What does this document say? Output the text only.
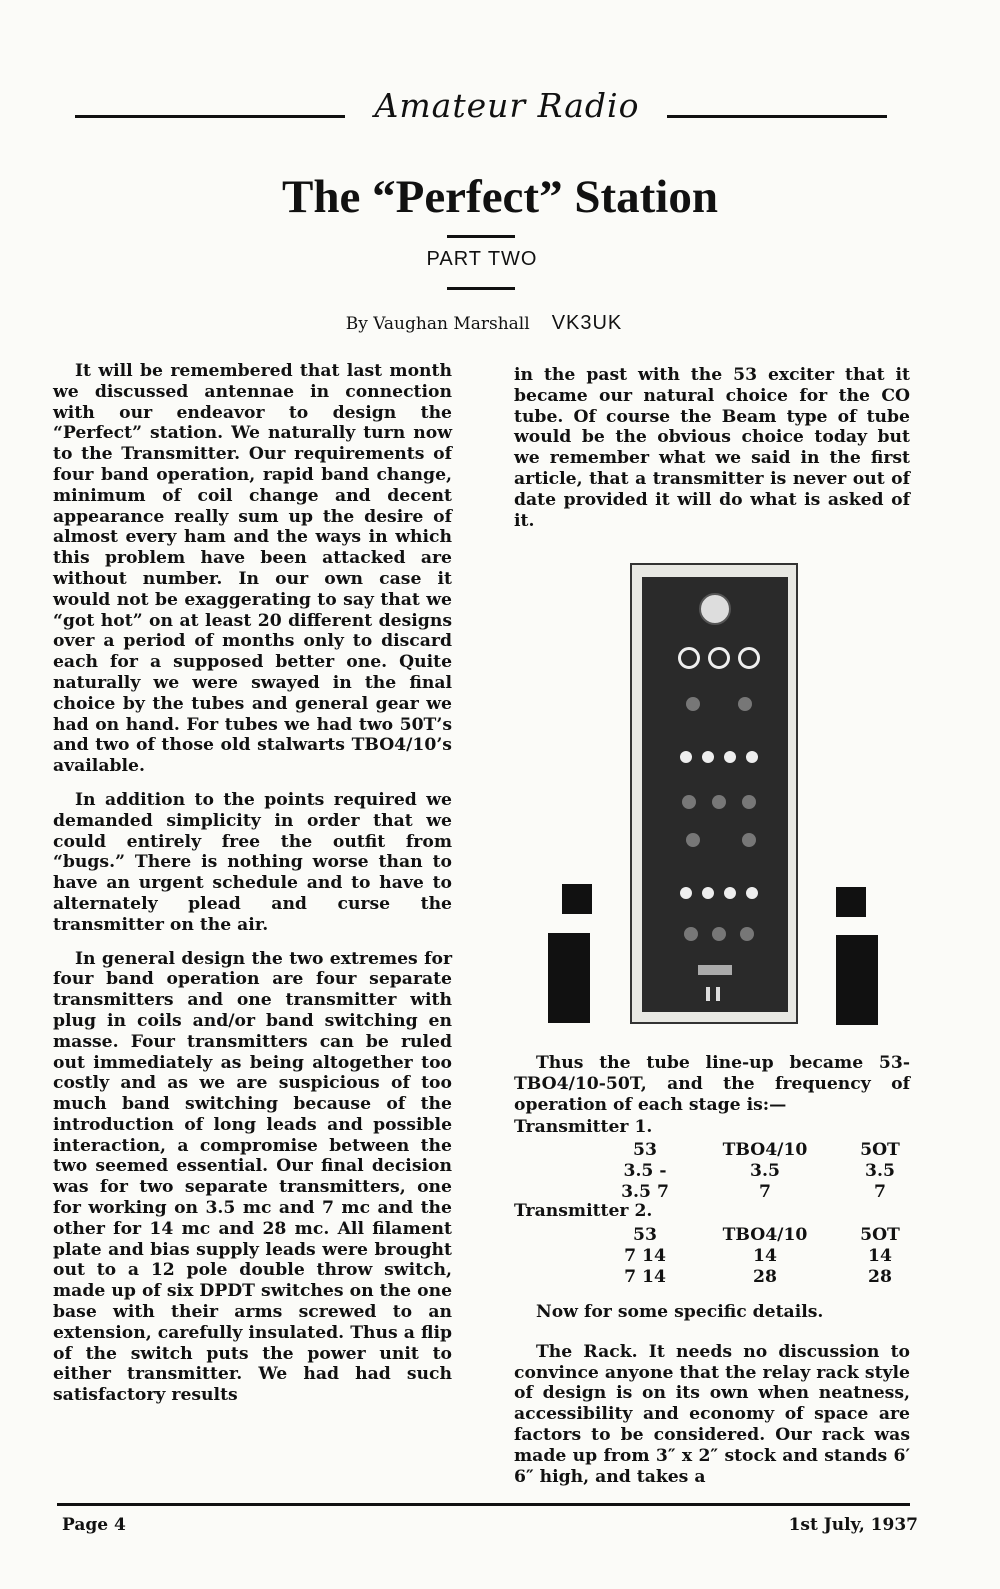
Amateur Radio
The “Perfect” Station
PART TWO
By Vaughan Marshall VK3UK

It will be remembered that last month we discussed antennae in connection with our endeavor to design the “Perfect” station. We naturally turn now to the Transmitter. Our requirements of four band operation, rapid band change, minimum of coil change and decent appearance really sum up the desire of almost every ham and the ways in which this problem have been attacked are without number. In our own case it would not be exaggerating to say that we “got hot” on at least 20 different designs over a period of months only to discard each for a supposed better one. Quite naturally we were swayed in the final choice by the tubes and general gear we had on hand. For tubes we had two 50T’s and two of those old stalwarts TBO4/10’s available.

In addition to the points required we demanded simplicity in order that we could entirely free the outfit from “bugs.” There is nothing worse than to have an urgent schedule and to have to alternately plead and curse the transmitter on the air.

In general design the two extremes for four band operation are four separate transmitters and one transmitter with plug in coils and/or band switching en masse. Four transmitters can be ruled out immediately as being altogether too costly and as we are suspicious of too much band switching because of the introduction of long leads and possible interaction, a compromise between the two seemed essential. Our final decision was for two separate transmitters, one for working on 3.5 mc and 7 mc and the other for 14 mc and 28 mc. All filament plate and bias supply leads were brought out to a 12 pole double throw switch, made up of six DPDT switches on the one base with their arms screwed to an extension, carefully insulated. Thus a flip of the switch puts the power unit to either transmitter. We had had such satisfactory results

in the past with the 53 exciter that it became our natural choice for the CO tube. Of course the Beam type of tube would be the obvious choice today but we remember what we said in the first article, that a transmitter is never out of date provided it will do what is asked of it.

Thus the tube line-up became 53-TBO4/10-50T, and the frequency of operation of each stage is:—

Transmitter 1.
53	TBO4/10	5OT
3.5 -	3.5	3.5
3.5 7	7	7
Transmitter 2.
53	TBO4/10	5OT
7 14	14	14
7 14	28	28

Now for some specific details.

The Rack. It needs no discussion to convince anyone that the relay rack style of design is on its own when neatness, accessibility and economy of space are factors to be considered. Our rack was made up from 3″ x 2″ stock and stands 6′ 6″ high, and takes a

Page 4	1st July, 1937
